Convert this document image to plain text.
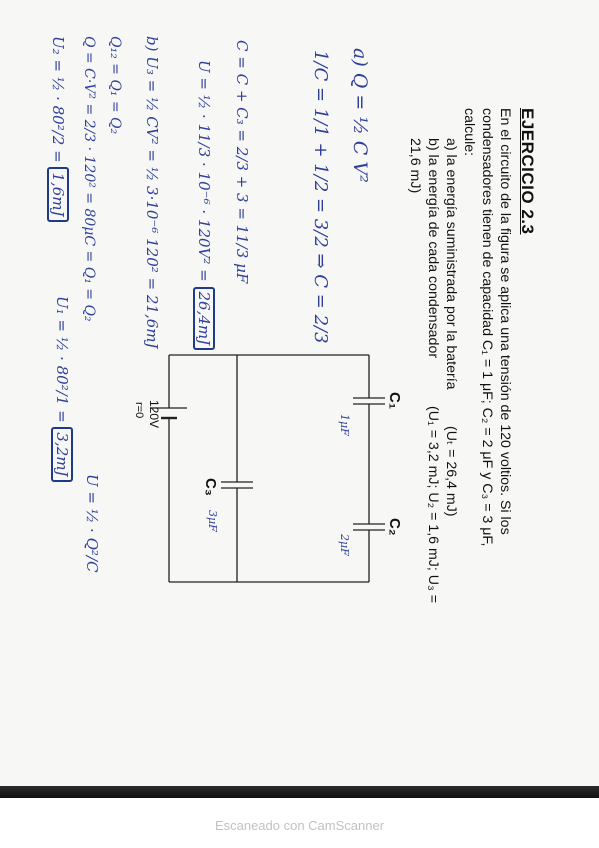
EJERCICIO 2.3
En el circuito de la figura se aplica una tensión de 120 voltios. Si los
condensadores tienen de capacidad C₁ = 1 μF; C₂ = 2 μF y C₃ = 3 μF,
calcule:
a) la energía suministrada por la batería
(Uₜ = 26,4 mJ)
b) la energía de cada condensador
(U₁ = 3,2 mJ; U₂ = 1,6 mJ; U₃ =
21,6 mJ)
C₁
C₂
C₃
120V
r=0
1μF
2μF
3μF
a) Q = ½ C V²
1/C = 1/1 + 1/2 = 3/2 ⇒ C = 2/3
C = C + C₃ = 2/3 + 3 = 11/3 μF
U = ½ · 11/3 · 10⁻⁶ · 120V² = 26,4mJ
b) U₃ = ½ CV² = ½ 3·10⁻⁶ 120² = 21,6mJ
Q₁₂ = Q₁ = Q₂
Q = C·V² = 2/3 · 120² = 80μC = Q₁ = Q₂
U₂ = ½ · 80²/2 = 1,6mJ
U₁ = ½ · 80²/1 = 3,2mJ
U = ½ · Q²/C
Escaneado con CamScanner
